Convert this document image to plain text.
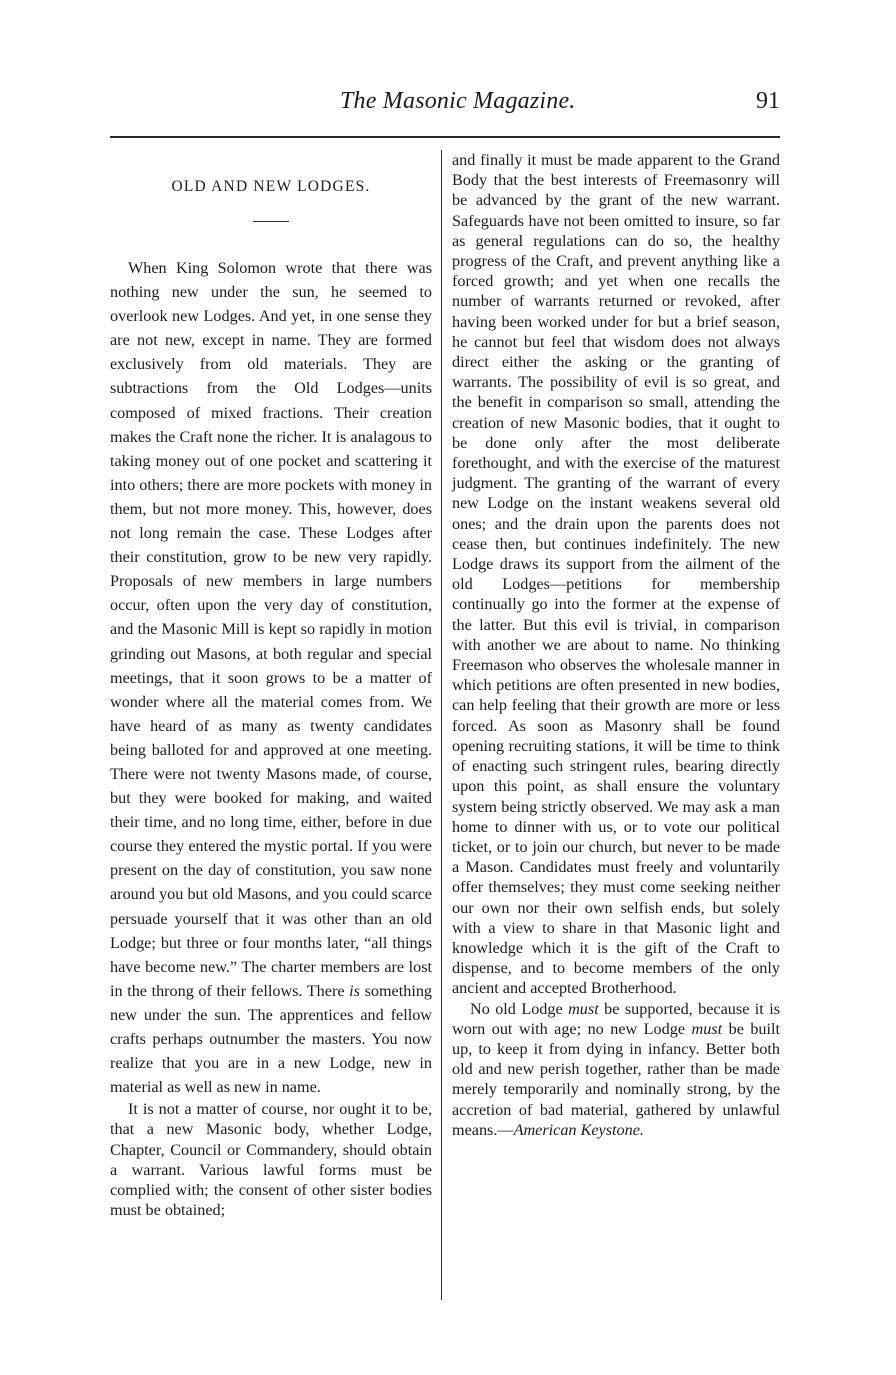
The Masonic Magazine.	91
OLD AND NEW LODGES.

When King Solomon wrote that there was nothing new under the sun, he seemed to overlook new Lodges. And yet, in one sense they are not new, except in name. They are formed exclusively from old materials. They are subtractions from the Old Lodges—units composed of mixed fractions. Their creation makes the Craft none the richer. It is analagous to taking money out of one pocket and scattering it into others; there are more pockets with money in them, but not more money. This, however, does not long remain the case. These Lodges after their constitution, grow to be new very rapidly. Proposals of new members in large numbers occur, often upon the very day of constitution, and the Masonic Mill is kept so rapidly in motion grinding out Masons, at both regular and special meetings, that it soon grows to be a matter of wonder where all the material comes from. We have heard of as many as twenty candidates being balloted for and approved at one meeting. There were not twenty Masons made, of course, but they were booked for making, and waited their time, and no long time, either, before in due course they entered the mystic portal. If you were present on the day of constitution, you saw none around you but old Masons, and you could scarce persuade yourself that it was other than an old Lodge; but three or four months later, “all things have become new.” The charter members are lost in the throng of their fellows. There is something new under the sun. The apprentices and fellow crafts perhaps outnumber the masters. You now realize that you are in a new Lodge, new in material as well as new in name.

It is not a matter of course, nor ought it to be, that a new Masonic body, whether Lodge, Chapter, Council or Commandery, should obtain a warrant. Various lawful forms must be complied with; the consent of other sister bodies must be obtained;

and finally it must be made apparent to the Grand Body that the best interests of Freemasonry will be advanced by the grant of the new warrant. Safeguards have not been omitted to insure, so far as general regulations can do so, the healthy progress of the Craft, and prevent anything like a forced growth; and yet when one recalls the number of warrants returned or revoked, after having been worked under for but a brief season, he cannot but feel that wisdom does not always direct either the asking or the granting of warrants. The possibility of evil is so great, and the benefit in comparison so small, attending the creation of new Masonic bodies, that it ought to be done only after the most deliberate forethought, and with the exercise of the maturest judgment. The granting of the warrant of every new Lodge on the instant weakens several old ones; and the drain upon the parents does not cease then, but continues indefinitely. The new Lodge draws its support from the ailment of the old Lodges—petitions for membership continually go into the former at the expense of the latter. But this evil is trivial, in comparison with another we are about to name. No thinking Freemason who observes the wholesale manner in which petitions are often presented in new bodies, can help feeling that their growth are more or less forced. As soon as Masonry shall be found opening recruiting stations, it will be time to think of enacting such stringent rules, bearing directly upon this point, as shall ensure the voluntary system being strictly observed. We may ask a man home to dinner with us, or to vote our political ticket, or to join our church, but never to be made a Mason. Candidates must freely and voluntarily offer themselves; they must come seeking neither our own nor their own selfish ends, but solely with a view to share in that Masonic light and knowledge which it is the gift of the Craft to dispense, and to become members of the only ancient and accepted Brotherhood.

No old Lodge must be supported, because it is worn out with age; no new Lodge must be built up, to keep it from dying in infancy. Better both old and new perish together, rather than be made merely temporarily and nominally strong, by the accretion of bad material, gathered by unlawful means.—American Keystone.
